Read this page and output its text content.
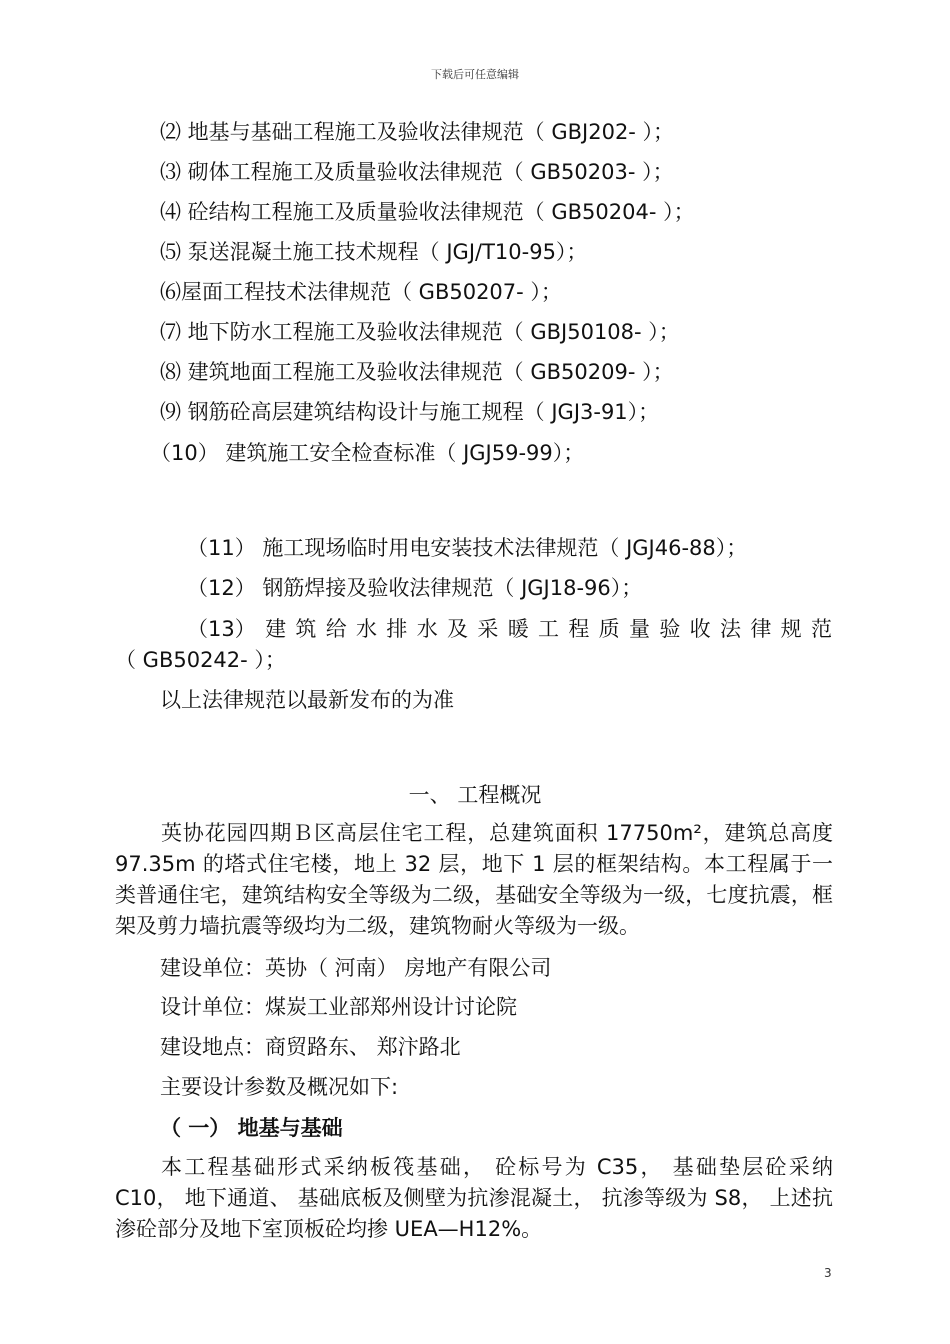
下载后可任意编辑
⑵ 地基与基础工程施工及验收法律规范（ GBJ202- ）；
⑶ 砌体工程施工及质量验收法律规范（ GB50203- ）；
⑷ 砼结构工程施工及质量验收法律规范（ GB50204- ）；
⑸ 泵送混凝土施工技术规程（ JGJ/T10-95）；
⑹屋面工程技术法律规范（ GB50207- ）；
⑺ 地下防水工程施工及验收法律规范（ GBJ50108- ）；
⑻ 建筑地面工程施工及验收法律规范（ GB50209- ）；
⑼ 钢筋砼高层建筑结构设计与施工规程（ JGJ3-91）；
（10） 建筑施工安全检查标准（ JGJ59-99）；
（11） 施工现场临时用电安装技术法律规范（ JGJ46-88）；
（12） 钢筋焊接及验收法律规范（ JGJ18-96）；
（13） 建 筑 给 水 排 水 及 采 暖 工 程 质 量 验 收 法 律 规 范
（ GB50242- ）；
以上法律规范以最新发布的为准
一、 工程概况
英协花园四期Ｂ区高层住宅工程，总建筑面积 17750m²，建筑总高度 97.35m 的塔式住宅楼，地上 32 层，地下 1 层的框架结构。本工程属于一类普通住宅，建筑结构安全等级为二级，基础安全等级为一级，七度抗震，框架及剪力墙抗震等级均为二级，建筑物耐火等级为一级。
建设单位：英协（ 河南） 房地产有限公司
设计单位：煤炭工业部郑州设计讨论院
建设地点：商贸路东、 郑汴路北
主要设计参数及概况如下:
（ 一） 地基与基础
本工程基础形式采纳板筏基础， 砼标号为 C35， 基础垫层砼采纳 C10， 地下通道、 基础底板及侧壁为抗渗混凝土， 抗渗等级为 S8， 上述抗渗砼部分及地下室顶板砼均掺 UEA—H12%。
3
